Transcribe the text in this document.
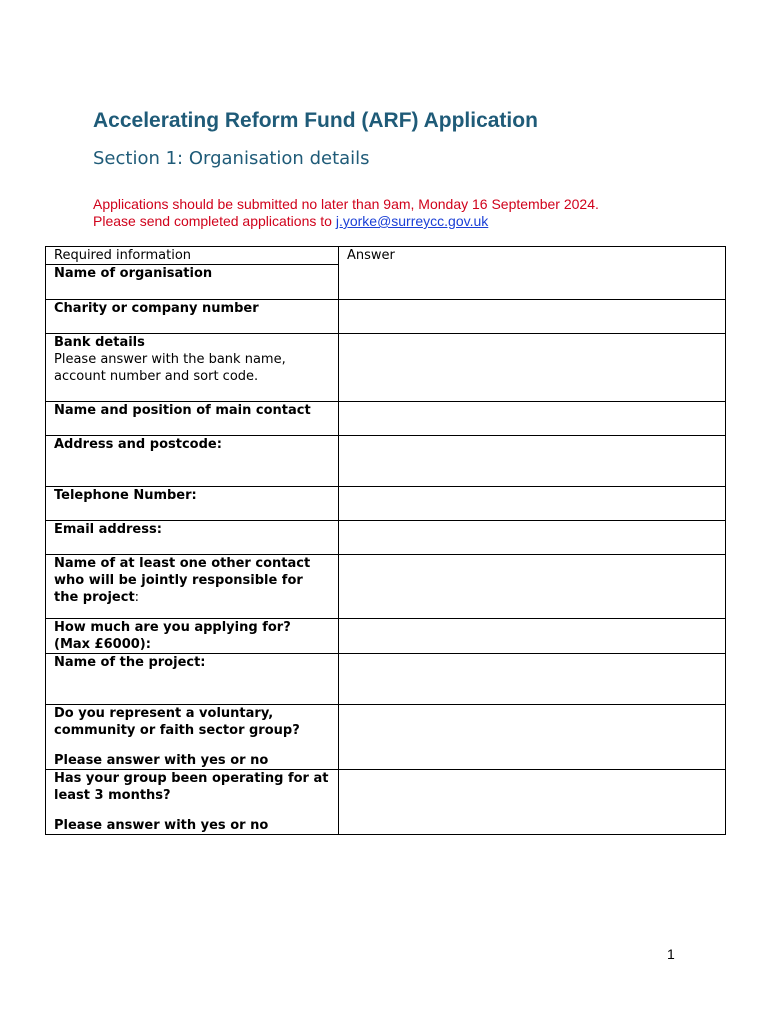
Accelerating Reform Fund (ARF) Application
Section 1: Organisation details
Applications should be submitted no later than 9am, Monday 16 September 2024.
Please send completed applications to j.yorke@surreycc.gov.uk
Required information	Answer

Name of organisation	
Charity or company number	

Bank details
Please answer with the bank name, account number and sort code.	

Name and position of main contact	
Address and postcode:	
Telephone Number:	
Email address:	
Name of at least one other contact who will be jointly responsible for the project:	
How much are you applying for? (Max £6000):	
Name of the project:	

Do you represent a voluntary, community or faith sector group?
Please answer with yes or no	

Has your group been operating for at least 3 months?
Please answer with yes or no	

1
